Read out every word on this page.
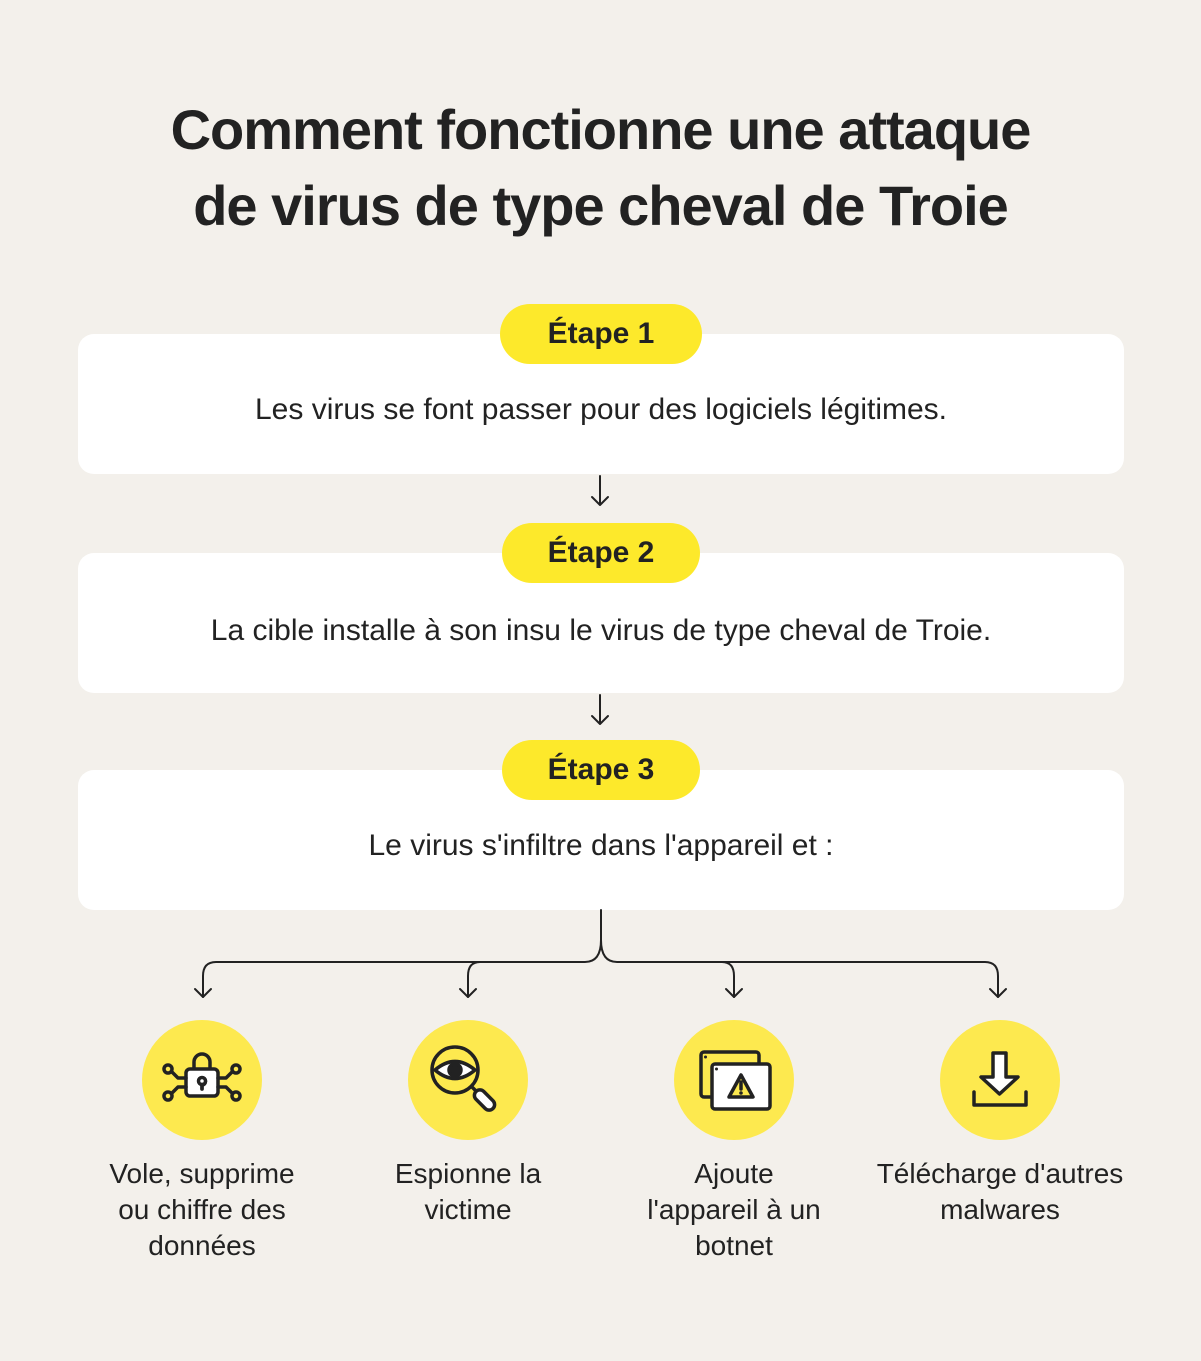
Comment fonctionne une attaque
de virus de type cheval de Troie
Les virus se font passer pour des logiciels légitimes.
Étape 1
La cible installe à son insu le virus de type cheval de Troie.
Étape 2
Le virus s'infiltre dans l'appareil et :
Étape 3
Vole, supprime
ou chiffre des
données
Espionne la
victime
Ajoute
l'appareil à un
botnet
Télécharge d'autres
malwares
